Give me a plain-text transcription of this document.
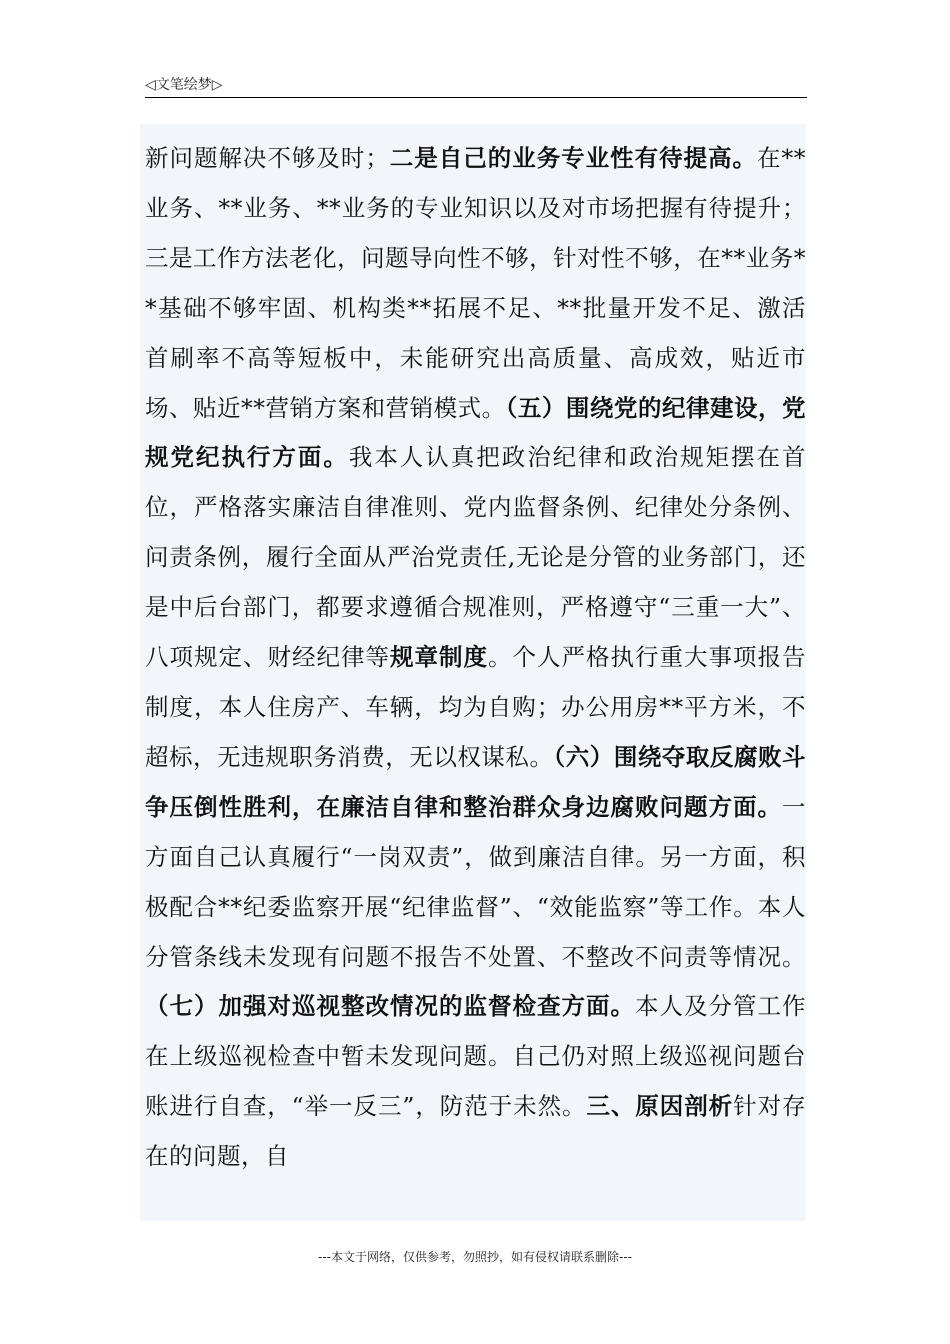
◁文笔绘梦▷

新问题解决不够及时；二是自己的业务专业性有待提高。在**业务、**业务、**业务的专业知识以及对市场把握有待提升；三是工作方法老化，问题导向性不够，针对性不够，在**业务**基础不够牢固、机构类**拓展不足、**批量开发不足、激活首刷率不高等短板中，未能研究出高质量、高成效，贴近市场、贴近**营销方案和营销模式。（五）围绕党的纪律建设，党规党纪执行方面。我本人认真把政治纪律和政治规矩摆在首位，严格落实廉洁自律准则、党内监督条例、纪律处分条例、问责条例，履行全面从严治党责任,无论是分管的业务部门，还是中后台部门，都要求遵循合规准则，严格遵守“三重一大”、八项规定、财经纪律等规章制度。个人严格执行重大事项报告制度，本人住房产、车辆，均为自购；办公用房**平方米，不超标，无违规职务消费，无以权谋私。（六）围绕夺取反腐败斗争压倒性胜利，在廉洁自律和整治群众身边腐败问题方面。一方面自己认真履行“一岗双责”，做到廉洁自律。另一方面，积极配合**纪委监察开展“纪律监督”、“效能监察”等工作。本人分管条线未发现有问题不报告不处置、不整改不问责等情况。（七）加强对巡视整改情况的监督检查方面。本人及分管工作在上级巡视检查中暂未发现问题。自己仍对照上级巡视问题台账进行自查，“举一反三”，防范于未然。三、原因剖析针对存在的问题，自

---本文于网络，仅供参考，勿照抄，如有侵权请联系删除---
